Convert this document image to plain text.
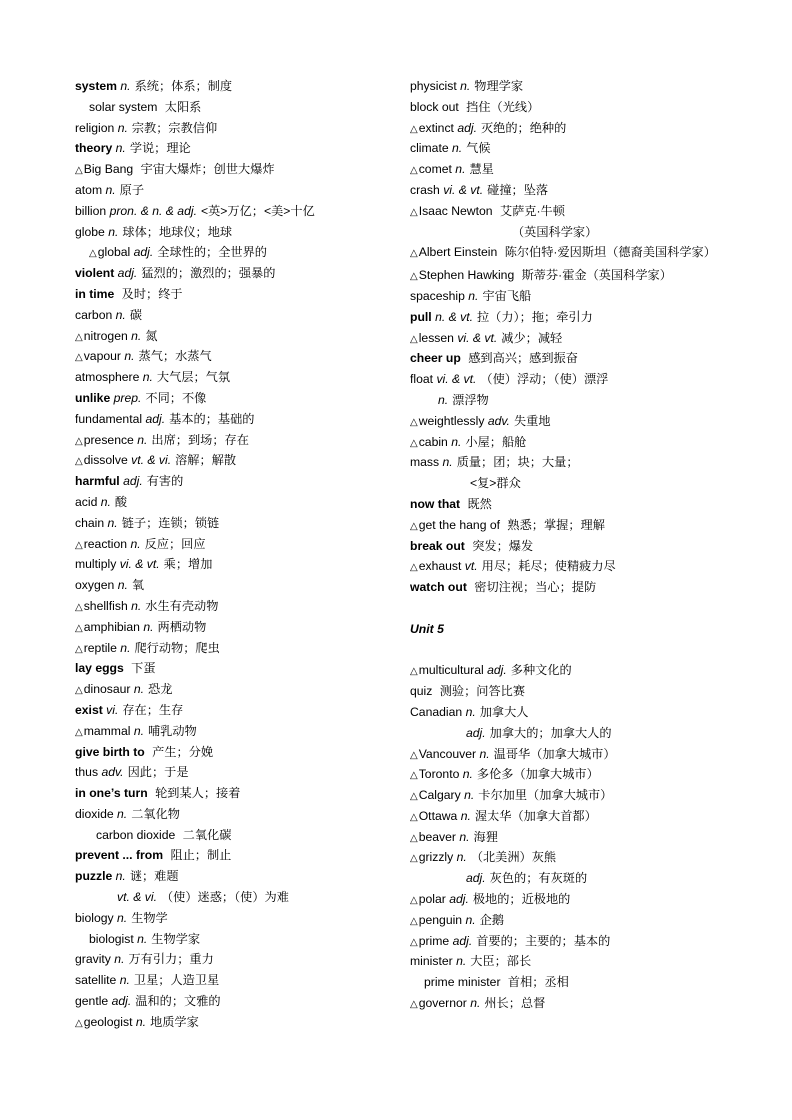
system n. 系统；体系；制度
solar system 太阳系
religion n. 宗教；宗教信仰
theory n. 学说；理论
△Big Bang 宇宙大爆炸；创世大爆炸
atom n. 原子
billion pron. & n. & adj. <英>万亿；<美>十亿
globe n. 球体；地球仪；地球
△global adj. 全球性的；全世界的
violent adj. 猛烈的；激烈的；强暴的
in time 及时；终于
carbon n. 碳
△nitrogen n. 氮
△vapour n. 蒸气；水蒸气
atmosphere n. 大气层；气氛
unlike prep. 不同；不像
fundamental adj. 基本的；基础的
△presence n. 出席；到场；存在
△dissolve vt. & vi. 溶解；解散
harmful adj. 有害的
acid n. 酸
chain n. 链子；连锁；锁链
△reaction n. 反应；回应
multiply vi. & vt. 乘；增加
oxygen n. 氧
△shellfish n. 水生有壳动物
△amphibian n. 两栖动物
△reptile n. 爬行动物；爬虫
lay eggs 下蛋
△dinosaur n. 恐龙
exist vi. 存在；生存
△mammal n. 哺乳动物
give birth to 产生；分娩
thus adv. 因此；于是
in one’s turn 轮到某人；接着
dioxide n. 二氧化物
carbon dioxide 二氧化碳
prevent ... from 阻止；制止
puzzle n. 谜；难题
vt. & vi. （使）迷惑；（使）为难
biology n. 生物学
biologist n. 生物学家
gravity n. 万有引力；重力
satellite n. 卫星；人造卫星
gentle adj. 温和的；文雅的
△geologist n. 地质学家
physicist n. 物理学家
block out 挡住（光线）
△extinct adj. 灭绝的；绝种的
climate n. 气候
△comet n. 慧星
crash vi. & vt. 碰撞；坠落
△Isaac Newton 艾萨克·牛顿
（英国科学家）
△Albert Einstein 陈尔伯特·爱因斯坦（德裔美国科学家）
△Stephen Hawking 斯蒂芬·霍金（英国科学家）
spaceship n. 宇宙飞船
pull n. & vt. 拉（力）；拖；牵引力
△lessen vi. & vt. 减少；减轻
cheer up 感到高兴；感到振奋
float vi. & vt. （使）浮动；（使）漂浮
n. 漂浮物
△weightlessly adv. 失重地
△cabin n. 小屋；船舱
mass n. 质量；团；块；大量；
<复>群众
now that 既然
△get the hang of 熟悉；掌握；理解
break out 突发；爆发
△exhaust vt. 用尽；耗尽；使精疲力尽
watch out 密切注视；当心；提防
Unit 5
△multicultural adj. 多种文化的
quiz 测验；问答比赛
Canadian n. 加拿大人
adj. 加拿大的；加拿大人的
△Vancouver n. 温哥华（加拿大城市）
△Toronto n. 多伦多（加拿大城市）
△Calgary n. 卡尔加里（加拿大城市）
△Ottawa n. 渥太华（加拿大首都）
△beaver n. 海狸
△grizzly n. （北美洲）灰熊
adj. 灰色的；有灰斑的
△polar adj. 极地的；近极地的
△penguin n. 企鹅
△prime adj. 首要的；主要的；基本的
minister n. 大臣；部长
prime minister 首相；丞相
△governor n. 州长；总督
